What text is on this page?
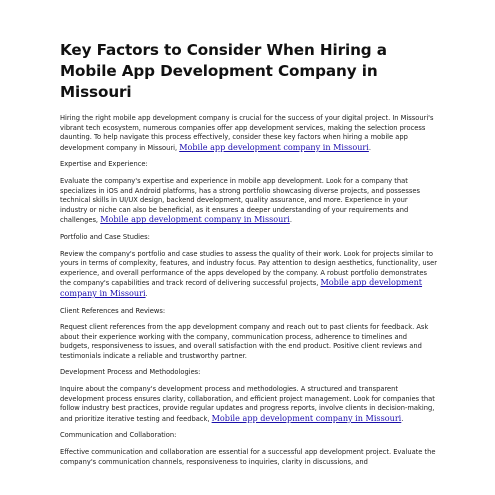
Key Factors to Consider When Hiring a Mobile App Development Company in Missouri

Hiring the right mobile app development company is crucial for the success of your digital project. In Missouri's vibrant tech ecosystem, numerous companies offer app development services, making the selection process daunting. To help navigate this process effectively, consider these key factors when hiring a mobile app development company in Missouri, Mobile app development company in Missouri.

Expertise and Experience:

Evaluate the company's expertise and experience in mobile app development. Look for a company that specializes in iOS and Android platforms, has a strong portfolio showcasing diverse projects, and possesses technical skills in UI/UX design, backend development, quality assurance, and more. Experience in your industry or niche can also be beneficial, as it ensures a deeper understanding of your requirements and challenges, Mobile app development company in Missouri.

Portfolio and Case Studies:

Review the company's portfolio and case studies to assess the quality of their work. Look for projects similar to yours in terms of complexity, features, and industry focus. Pay attention to design aesthetics, functionality, user experience, and overall performance of the apps developed by the company. A robust portfolio demonstrates the company's capabilities and track record of delivering successful projects, Mobile app development company in Missouri.

Client References and Reviews:

Request client references from the app development company and reach out to past clients for feedback. Ask about their experience working with the company, communication process, adherence to timelines and budgets, responsiveness to issues, and overall satisfaction with the end product. Positive client reviews and testimonials indicate a reliable and trustworthy partner.

Development Process and Methodologies:

Inquire about the company's development process and methodologies. A structured and transparent development process ensures clarity, collaboration, and efficient project management. Look for companies that follow industry best practices, provide regular updates and progress reports, involve clients in decision-making, and prioritize iterative testing and feedback, Mobile app development company in Missouri.

Communication and Collaboration:

Effective communication and collaboration are essential for a successful app development project. Evaluate the company's communication channels, responsiveness to inquiries, clarity in discussions, and
